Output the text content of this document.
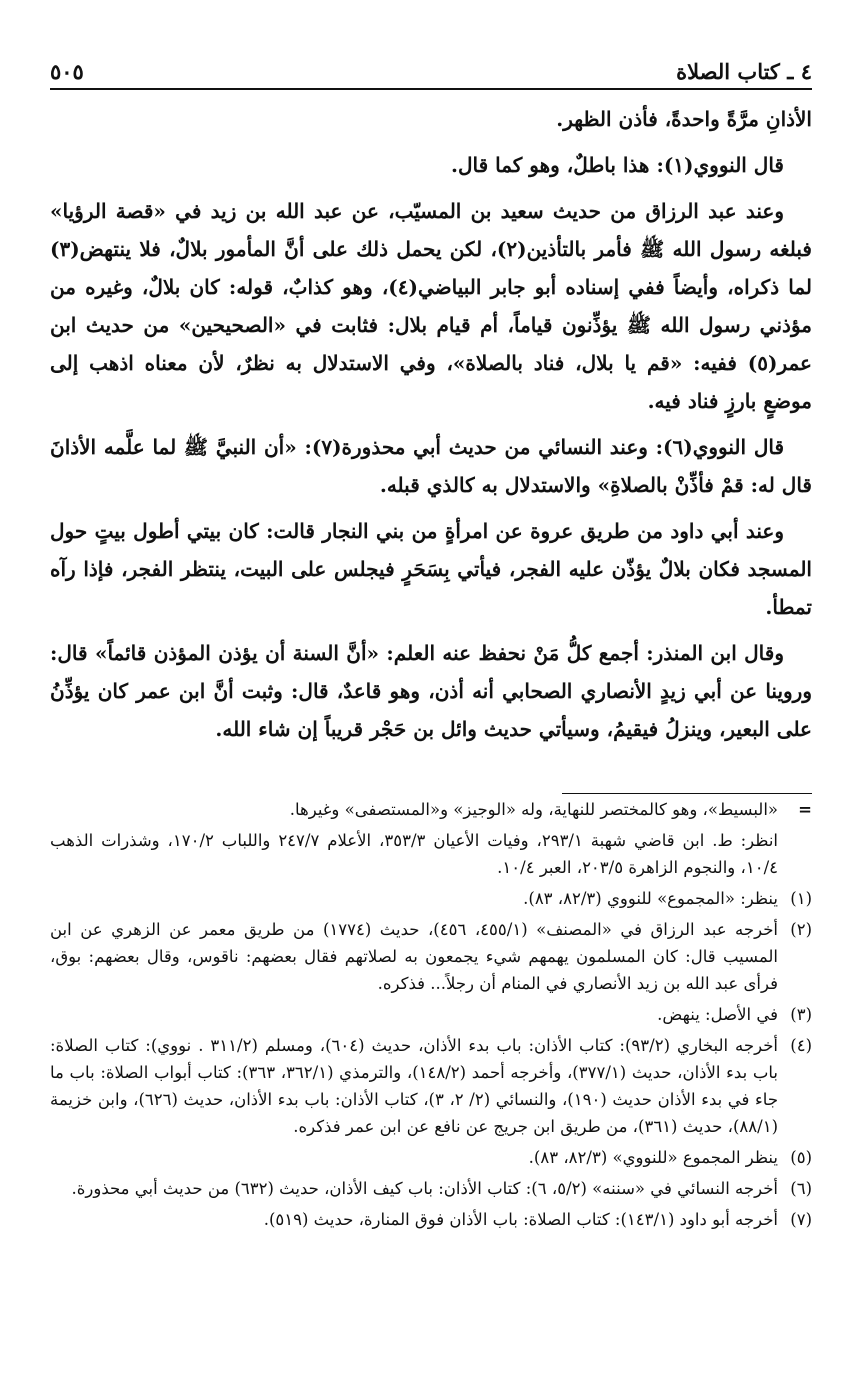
٤ ـ كتاب الصلاة
٥٠٥

الأذانِ مرَّةً واحدةً، فأذن الظهر.

قال النووي(١): هذا باطلٌ، وهو كما قال.

وعند عبد الرزاق من حديث سعيد بن المسيّب، عن عبد الله بن زيد في «قصة الرؤيا» فبلغه رسول الله ﷺ فأمر بالتأذين(٢)، لكن يحمل ذلك على أنَّ المأمور بلالٌ، فلا ينتهض(٣) لما ذكراه، وأيضاً ففي إسناده أبو جابر البياضي(٤)، وهو كذابٌ، قوله: كان بلالٌ، وغيره من مؤذني رسول الله ﷺ يؤذِّنون قياماً، أم قيام بلال: فثابت في «الصحيحين» من حديث ابن عمر(٥) ففيه: «قم يا بلال، فناد بالصلاة»، وفي الاستدلال به نظرٌ، لأن معناه اذهب إلى موضعٍ بارزٍ فناد فيه.

قال النووي(٦): وعند النسائي من حديث أبي محذورة(٧): «أن النبيَّ ﷺ لما علَّمه الأذانَ قال له: قمْ فأذِّنْ بالصلاةِ» والاستدلال به كالذي قبله.

وعند أبي داود من طريق عروة عن امرأةٍ من بني النجار قالت: كان بيتي أطول بيتٍ حول المسجد فكان بلالٌ يؤذّن عليه الفجر، فيأتي بِسَحَرٍ فيجلس على البيت، ينتظر الفجر، فإذا رآه تمطأ.

وقال ابن المنذر: أجمع كلُّ مَنْ نحفظ عنه العلم: «أنَّ السنة أن يؤذن المؤذن قائماً» قال: وروينا عن أبي زيدٍ الأنصاري الصحابي أنه أذن، وهو قاعدٌ، قال: وثبت أنَّ ابن عمر كان يؤذِّنُ على البعير، وينزلُ فيقيمُ، وسيأتي حديث وائل بن حَجْر قريباً إن شاء الله.

=
«البسيط»، وهو كالمختصر للنهاية، وله «الوجيز» و«المستصفى» وغيرها.
انظر: ط. ابن قاضي شهبة ٢٩٣/١، وفيات الأعيان ٣٥٣/٣، الأعلام ٢٤٧/٧ واللباب ١٧٠/٢، وشذرات الذهب ١٠/٤، والنجوم الزاهرة ٢٠٣/٥، العبر ١٠/٤.
(١)
ينظر: «المجموع» للنووي (٨٢/٣، ٨٣).
(٢)
أخرجه عبد الرزاق في «المصنف» (٤٥٥/١، ٤٥٦)، حديث (١٧٧٤) من طريق معمر عن الزهري عن ابن المسيب قال: كان المسلمون يهمهم شيء يجمعون به لصلاتهم فقال بعضهم: ناقوس، وقال بعضهم: بوق، فرأى عبد الله بن زيد الأنصاري في المنام أن رجلاً... فذكره.
(٣)
في الأصل: ينهض.
(٤)
أخرجه البخاري (٩٣/٢): كتاب الأذان: باب بدء الأذان، حديث (٦٠٤)، ومسلم (٣١١/٢ . نووي): كتاب الصلاة: باب بدء الأذان، حديث (٣٧٧/١)، وأخرجه أحمد (١٤٨/٢)، والترمذي (٣٦٢/١، ٣٦٣): كتاب أبواب الصلاة: باب ما جاء في بدء الأذان حديث (١٩٠)، والنسائي (٢/ ٢، ٣)، كتاب الأذان: باب بدء الأذان، حديث (٦٢٦)، وابن خزيمة (٨٨/١)، حديث (٣٦١)، من طريق ابن جريج عن نافع عن ابن عمر فذكره.
(٥)
ينظر المجموع «للنووي» (٨٢/٣، ٨٣).
(٦)
أخرجه النسائي في «سننه» (٥/٢، ٦): كتاب الأذان: باب كيف الأذان، حديث (٦٣٢) من حديث أبي محذورة.
(٧)
أخرجه أبو داود (١٤٣/١): كتاب الصلاة: باب الأذان فوق المنارة، حديث (٥١٩).
